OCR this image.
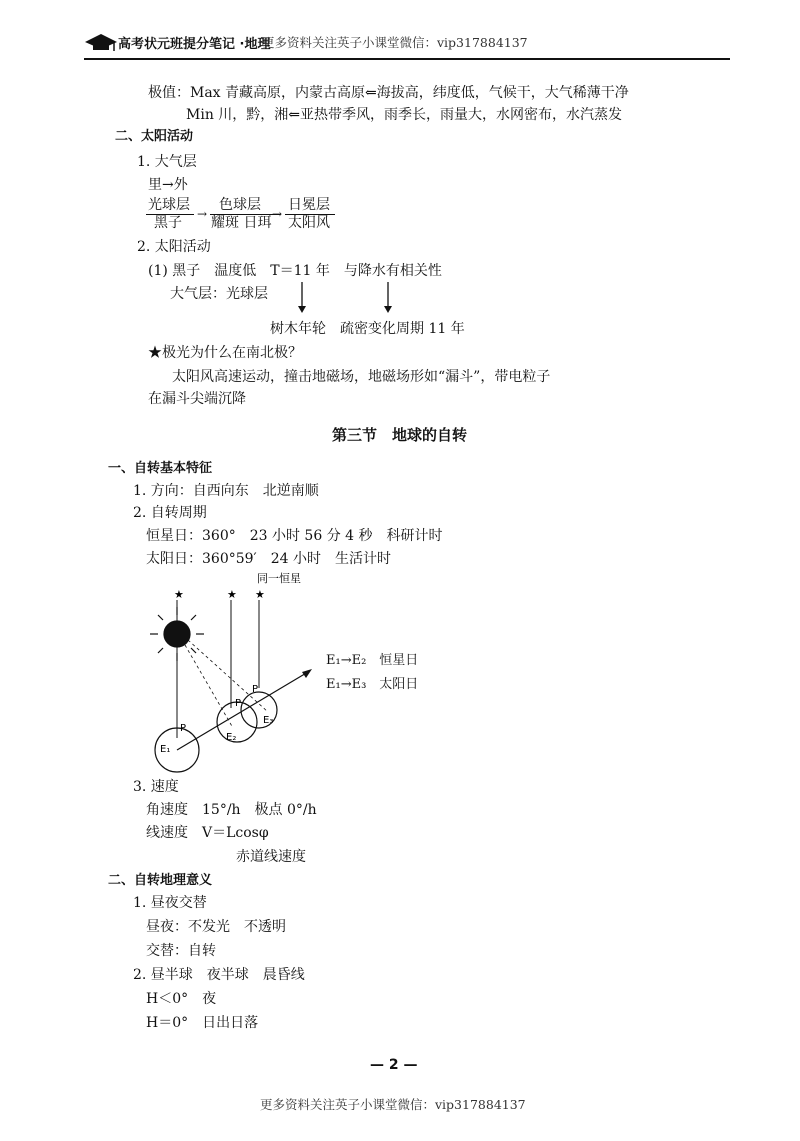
高考状元班提分笔记 ·地理
更多资料关注英子小课堂微信：vip317884137
极值：Max 青藏高原，内蒙古高原⇐海拔高，纬度低，气候干，大气稀薄干净
Min 川，黔，湘⇐亚热带季风，雨季长，雨量大，水网密布，水汽蒸发
二、太阳活动
1. 大气层
里→外
光球层
黑子
→
色球层
耀斑 日珥
→
日冕层
太阳风
2. 太阳活动
(1) 黑子　温度低　T＝11 年　与降水有相关性
大气层：光球层
树木年轮　疏密变化周期 11 年
★极光为什么在南北极？
太阳风高速运动，撞击地磁场，地磁场形如“漏斗”，带电粒子
在漏斗尖端沉降
第三节　地球的自转
一、自转基本特征
1. 方向：自西向东　北逆南顺
2. 自转周期
恒星日：360°　23 小时 56 分 4 秒　科研计时
太阳日：360°59′　24 小时　生活计时
同一恒星
★	★ ★
P
P
P
E₁
E₂
E₃
E₁→E₂　恒星日
E₁→E₃　太阳日
3. 速度
角速度　15°/h　极点 0°/h
线速度　V＝Lcosφ
赤道线速度
二、自转地理意义
1. 昼夜交替
昼夜：不发光　不透明
交替：自转
2. 昼半球　夜半球　晨昏线
H＜0°　夜
H＝0°　日出日落
— 2 —
更多资料关注英子小课堂微信：vip317884137
